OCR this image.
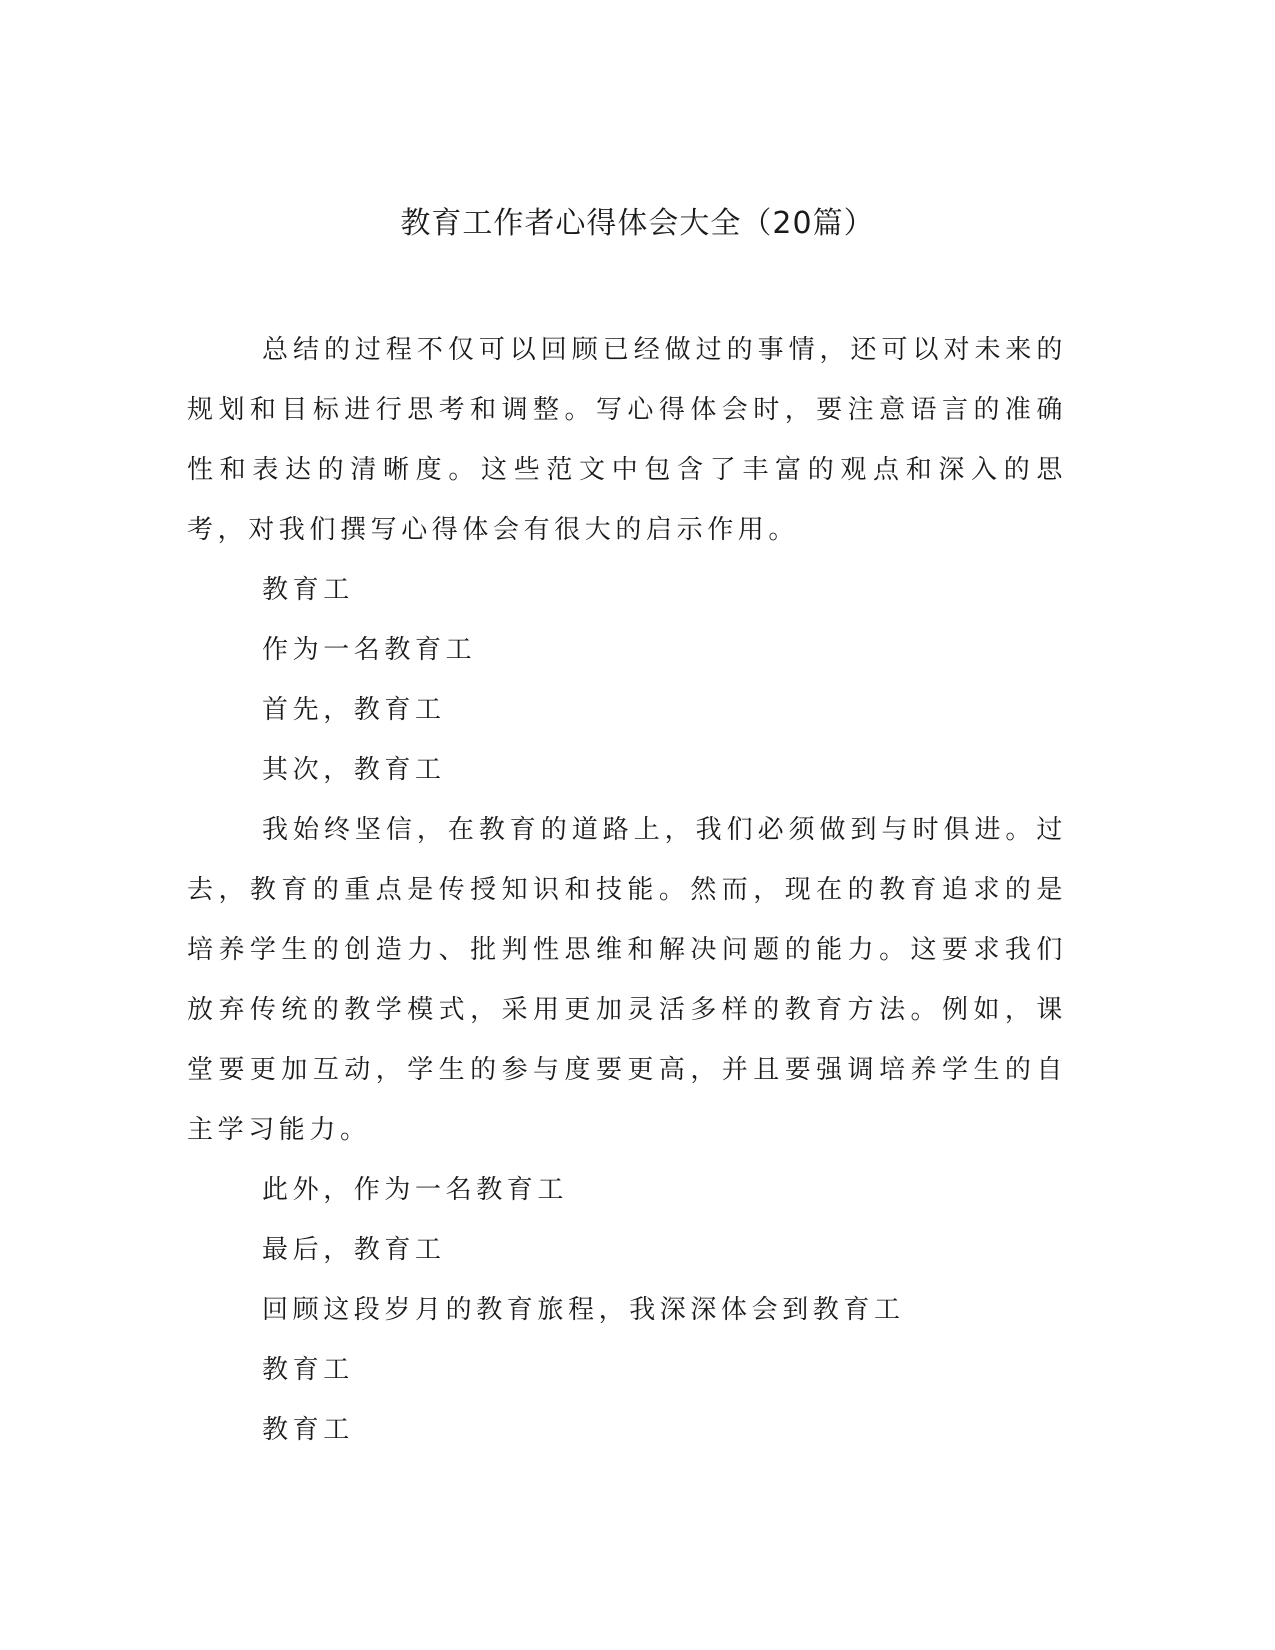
教育工作者心得体会大全（20篇）

总结的过程不仅可以回顾已经做过的事情，还可以对未来的规划和目标进行思考和调整。写心得体会时，要注意语言的准确性和表达的清晰度。这些范文中包含了丰富的观点和深入的思考，对我们撰写心得体会有很大的启示作用。

教育工

作为一名教育工

首先，教育工

其次，教育工

我始终坚信，在教育的道路上，我们必须做到与时俱进。过去，教育的重点是传授知识和技能。然而，现在的教育追求的是培养学生的创造力、批判性思维和解决问题的能力。这要求我们放弃传统的教学模式，采用更加灵活多样的教育方法。例如，课堂要更加互动，学生的参与度要更高，并且要强调培养学生的自主学习能力。

此外，作为一名教育工

最后，教育工

回顾这段岁月的教育旅程，我深深体会到教育工

教育工

教育工
